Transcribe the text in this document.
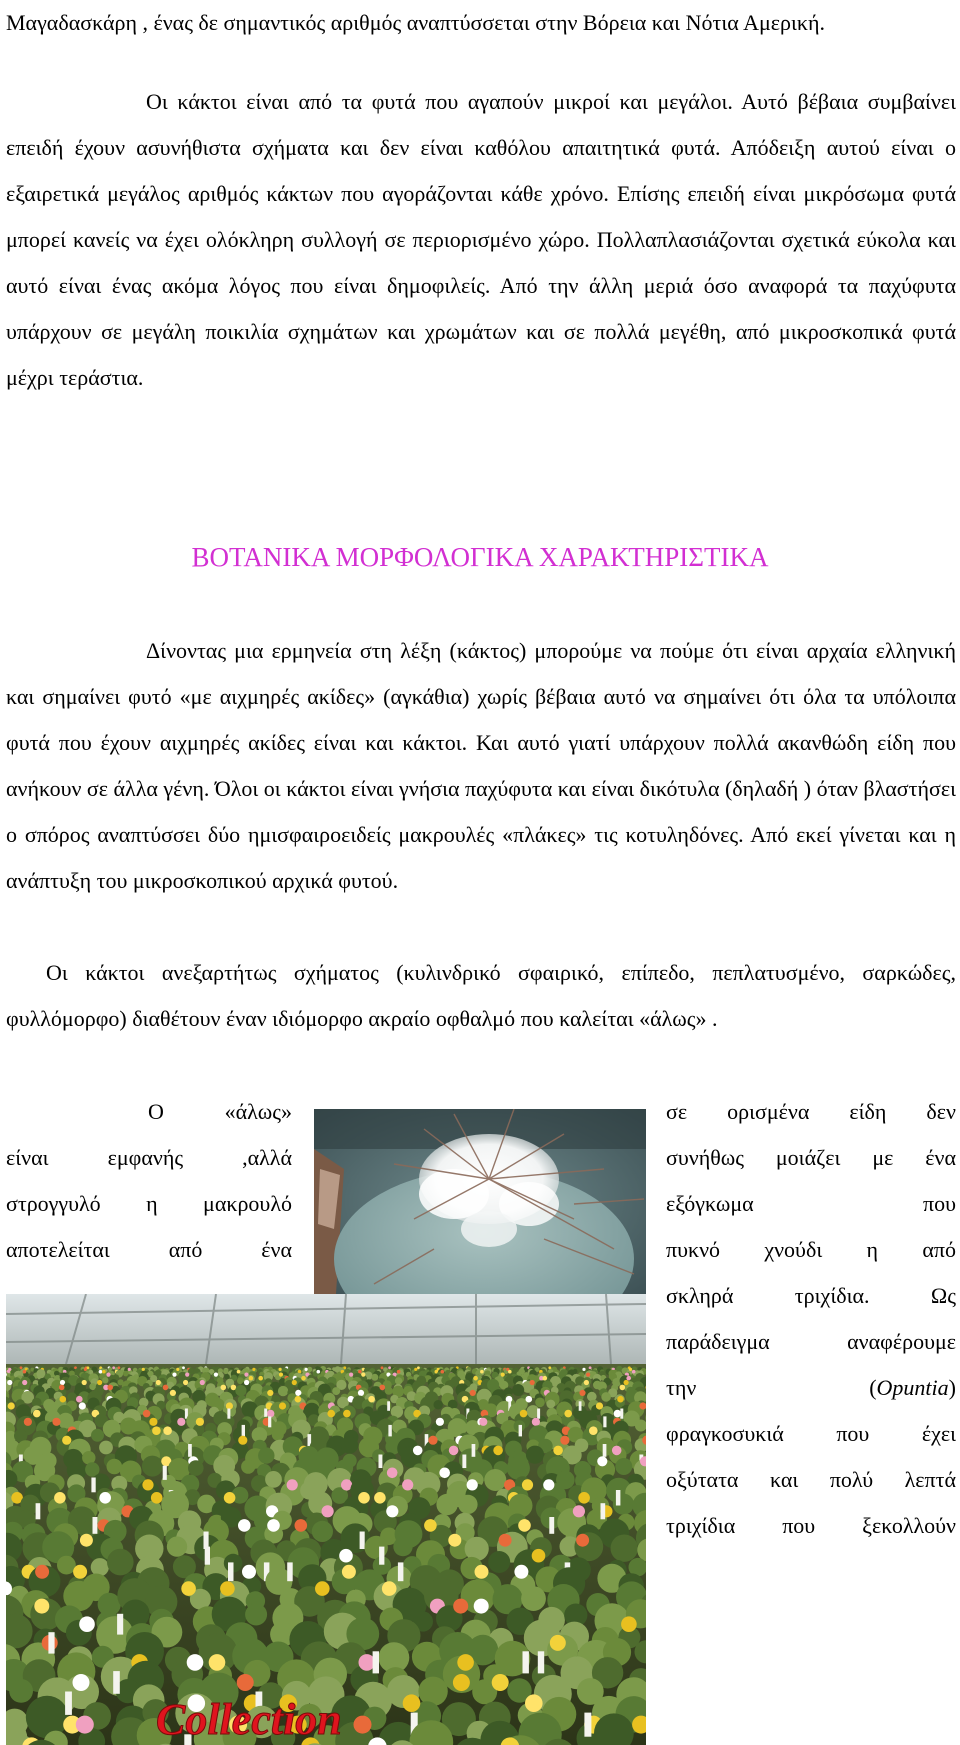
Μαγαδασκάρη , ένας δε σημαντικός αριθμός αναπτύσσεται στην Βόρεια και Νότια Αμερική.

Οι κάκτοι είναι από τα φυτά που αγαπούν μικροί και μεγάλοι. Αυτό βέβαια συμβαίνει επειδή έχουν ασυνήθιστα σχήματα και δεν είναι καθόλου απαιτητικά φυτά. Απόδειξη αυτού είναι ο εξαιρετικά μεγάλος αριθμός κάκτων που αγοράζονται κάθε χρόνο. Επίσης επειδή είναι μικρόσωμα φυτά μπορεί κανείς να έχει ολόκληρη συλλογή σε περιορισμένο χώρο. Πολλαπλασιάζονται σχετικά εύκολα και αυτό είναι ένας ακόμα λόγος που είναι δημοφιλείς. Από την άλλη μεριά όσο αναφορά τα παχύφυτα υπάρχουν σε μεγάλη ποικιλία σχημάτων και χρωμάτων και σε πολλά μεγέθη, από μικροσκοπικά φυτά μέχρι τεράστια.

ΒΟΤΑΝΙΚΑ ΜΟΡΦΟΛΟΓΙΚΑ ΧΑΡΑΚΤΗΡΙΣΤΙΚΑ

Δίνοντας μια ερμηνεία στη λέξη (κάκτος) μπορούμε να πούμε ότι είναι αρχαία ελληνική και σημαίνει φυτό «με αιχμηρές ακίδες» (αγκάθια) χωρίς βέβαια αυτό να σημαίνει ότι όλα τα υπόλοιπα φυτά που έχουν αιχμηρές ακίδες είναι και κάκτοι. Και αυτό γιατί υπάρχουν πολλά ακανθώδη είδη που ανήκουν σε άλλα γένη. Όλοι οι κάκτοι είναι γνήσια παχύφυτα και είναι δικότυλα (δηλαδή ) όταν βλαστήσει ο σπόρος αναπτύσσει δύο ημισφαιροειδείς μακρουλές «πλάκες» τις κοτυληδόνες. Από εκεί γίνεται και η ανάπτυξη του μικροσκοπικού αρχικά φυτού.

Οι κάκτοι ανεξαρτήτως σχήματος (κυλινδρικό σφαιρικό, επίπεδο, πεπλατυσμένο, σαρκώδες, φυλλόμορφο) διαθέτουν έναν ιδιόμορφο ακραίο οφθαλμό που καλείται «άλως» .

Ο «άλως»
είναι εμφανής ,αλλά
στρογγυλό η μακρουλό
αποτελείται από ένα
σε ορισμένα είδη δεν
συνήθως μοιάζει με ένα
εξόγκωμα που
πυκνό χνούδι η από
σκληρά τριχίδια. Ως
παράδειγμα αναφέρουμε
την	(Opuntia)
φραγκοσυκιά που έχει
οξύτατα και πολύ λεπτά
τριχίδια που ξεκολλούν
Collection
